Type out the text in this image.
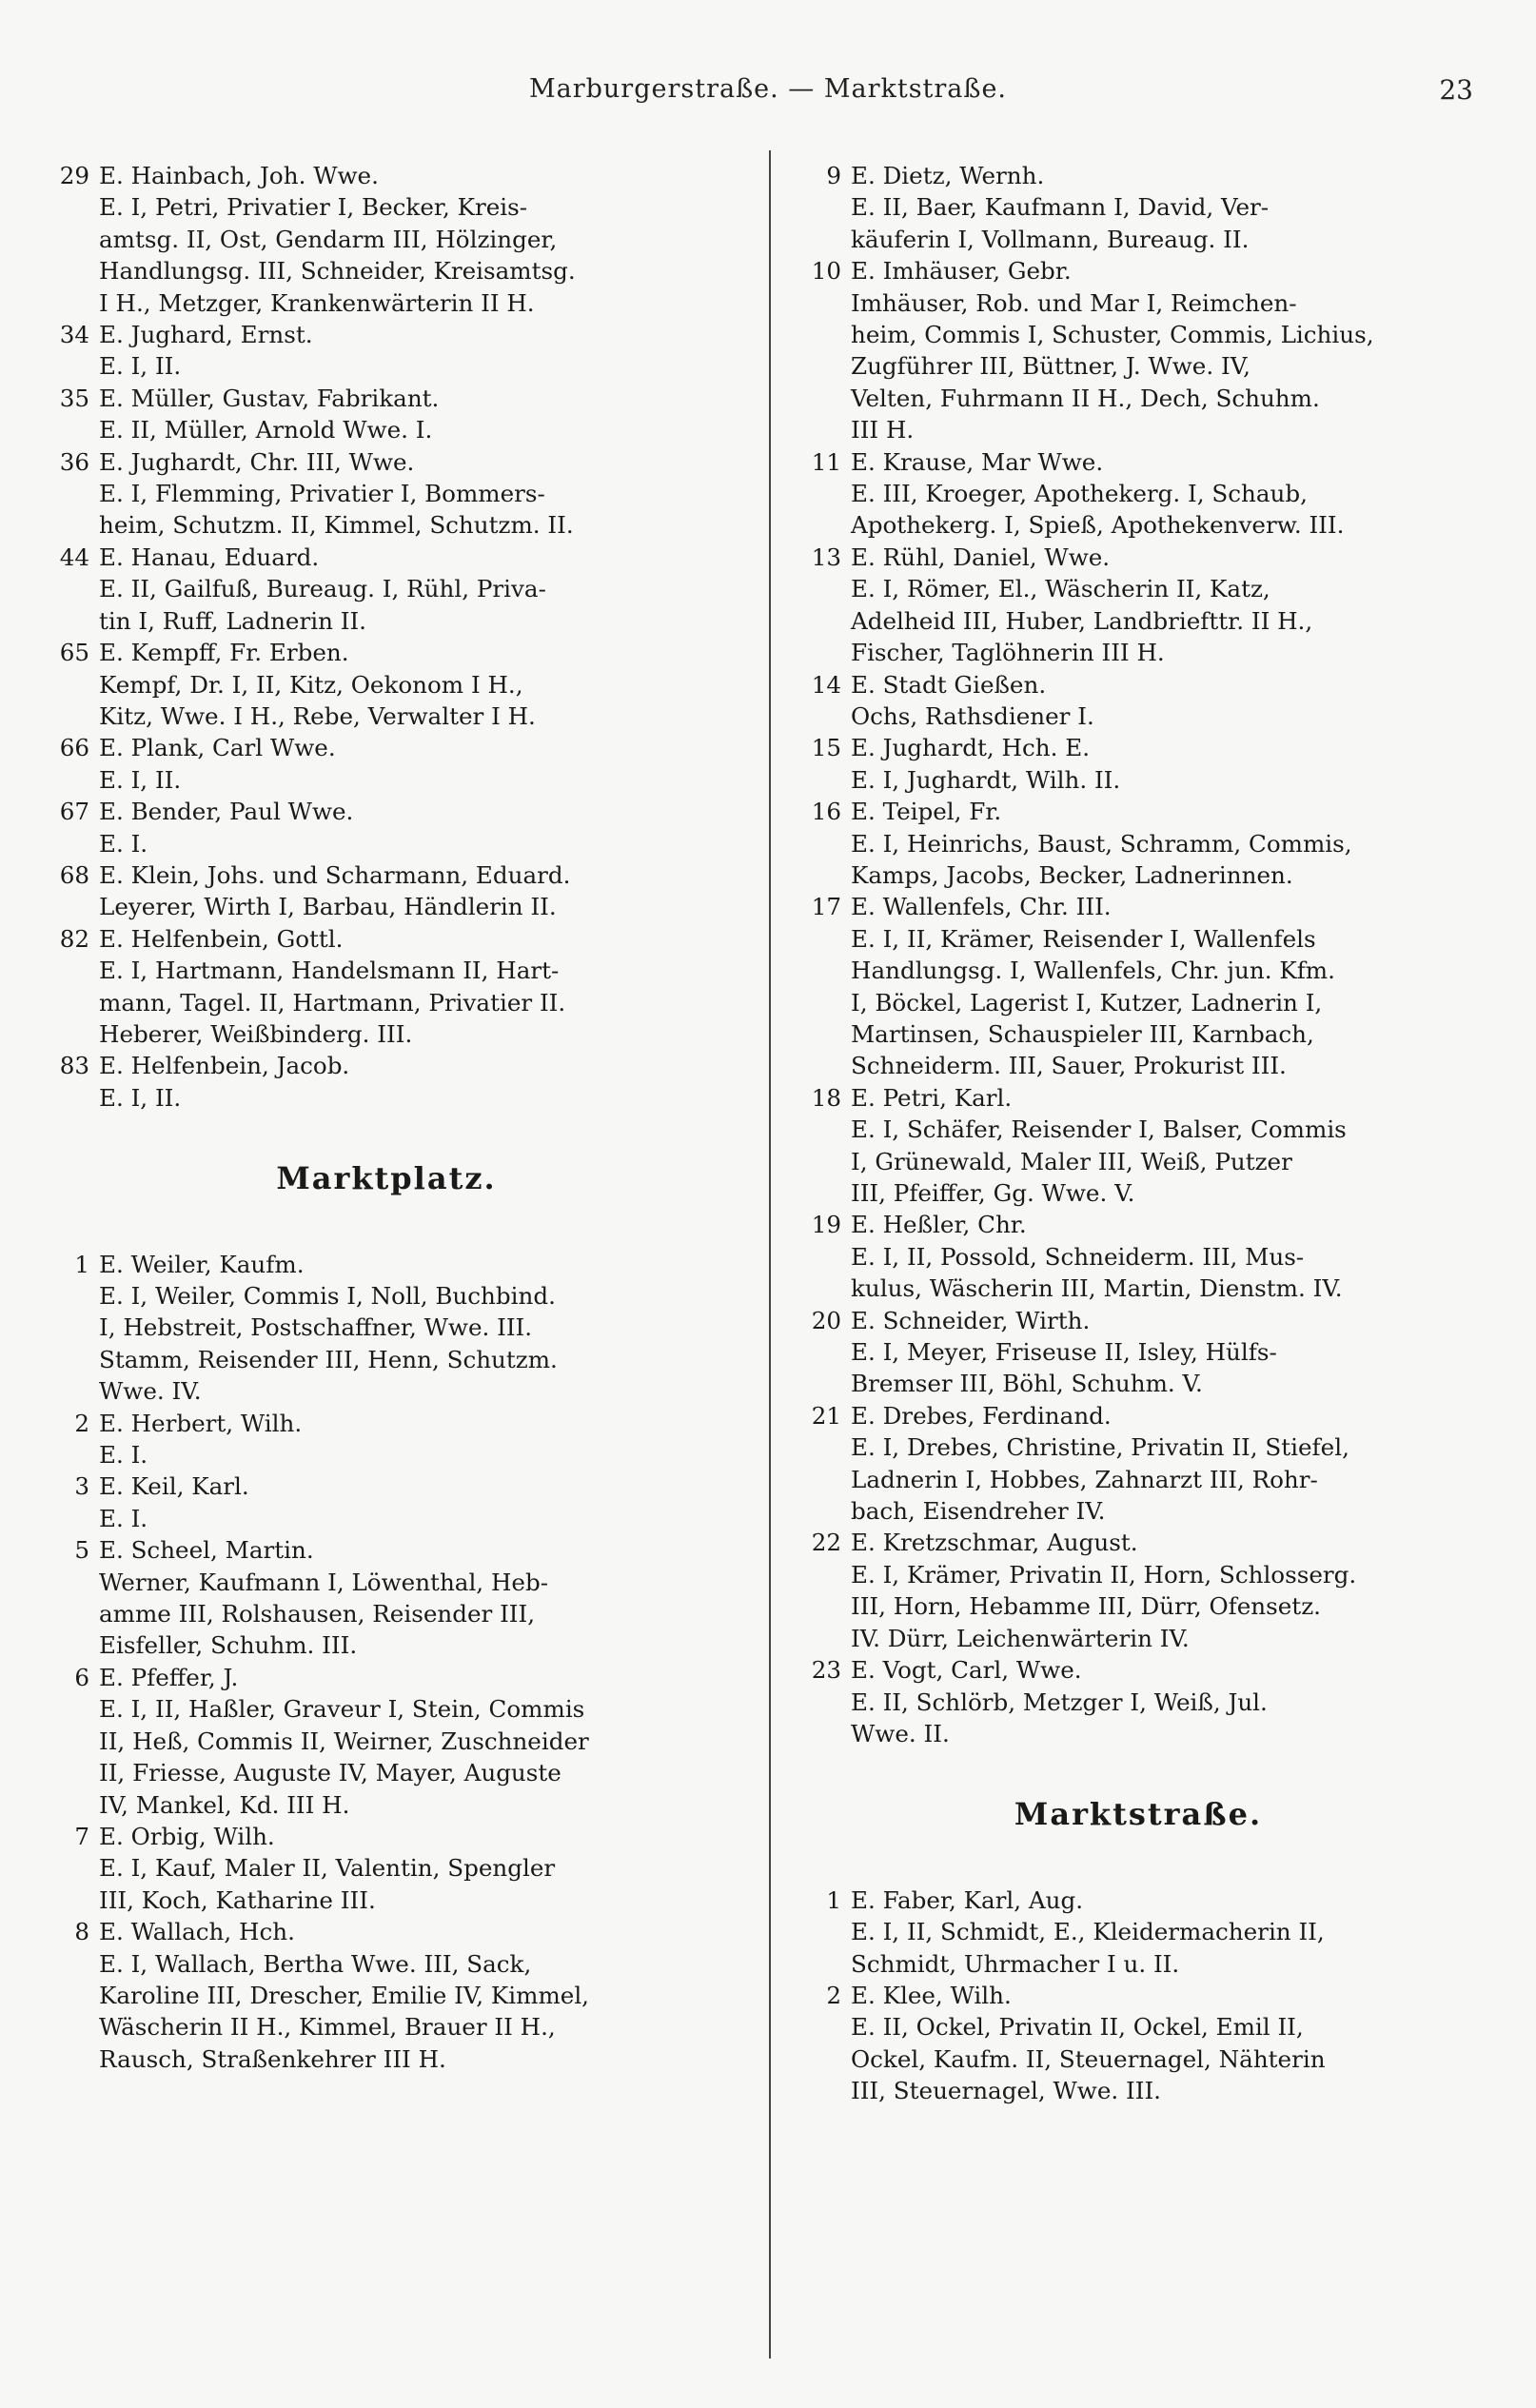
Marburgerstraße. — Marktstraße.	23
29 E. Hainbach, Joh. Wwe.
E. I, Petri, Privatier I, Becker, Kreis-
amtsg. II, Ost, Gendarm III, Hölzinger,
Handlungsg. III, Schneider, Kreisamtsg.
I H., Metzger, Krankenwärterin II H.
34 E. Jughard, Ernst.
E. I, II.
35 E. Müller, Gustav, Fabrikant.
E. II, Müller, Arnold Wwe. I.
36 E. Jughardt, Chr. III, Wwe.
E. I, Flemming, Privatier I, Bommers-
heim, Schutzm. II, Kimmel, Schutzm. II.
44 E. Hanau, Eduard.
E. II, Gailfuß, Bureaug. I, Rühl, Priva-
tin I, Ruff, Ladnerin II.
65 E. Kempff, Fr. Erben.
Kempf, Dr. I, II, Kitz, Oekonom I H.,
Kitz, Wwe. I H., Rebe, Verwalter I H.
66 E. Plank, Carl Wwe.
E. I, II.
67 E. Bender, Paul Wwe.
E. I.
68 E. Klein, Johs. und Scharmann, Eduard.
Leyerer, Wirth I, Barbau, Händlerin II.
82 E. Helfenbein, Gottl.
E. I, Hartmann, Handelsmann II, Hart-
mann, Tagel. II, Hartmann, Privatier II.
Heberer, Weißbinderg. III.
83 E. Helfenbein, Jacob.
E. I, II.
Marktplatz.
1 E. Weiler, Kaufm.
E. I, Weiler, Commis I, Noll, Buchbind.
I, Hebstreit, Postschaffner, Wwe. III.
Stamm, Reisender III, Henn, Schutzm.
Wwe. IV.
2 E. Herbert, Wilh.
E. I.
3 E. Keil, Karl.
E. I.
5 E. Scheel, Martin.
Werner, Kaufmann I, Löwenthal, Heb-
amme III, Rolshausen, Reisender III,
Eisfeller, Schuhm. III.
6 E. Pfeffer, J.
E. I, II, Haßler, Graveur I, Stein, Commis
II, Heß, Commis II, Weirner, Zuschneider
II, Friesse, Auguste IV, Mayer, Auguste
IV, Mankel, Kd. III H.
7 E. Orbig, Wilh.
E. I, Kauf, Maler II, Valentin, Spengler
III, Koch, Katharine III.
8 E. Wallach, Hch.
E. I, Wallach, Bertha Wwe. III, Sack,
Karoline III, Drescher, Emilie IV, Kimmel,
Wäscherin II H., Kimmel, Brauer II H.,
Rausch, Straßenkehrer III H.
9 E. Dietz, Wernh.
E. II, Baer, Kaufmann I, David, Ver-
käuferin I, Vollmann, Bureaug. II.
10 E. Imhäuser, Gebr.
Imhäuser, Rob. und Mar I, Reimchen-
heim, Commis I, Schuster, Commis, Lichius,
Zugführer III, Büttner, J. Wwe. IV,
Velten, Fuhrmann II H., Dech, Schuhm.
III H.
11 E. Krause, Mar Wwe.
E. III, Kroeger, Apothekerg. I, Schaub,
Apothekerg. I, Spieß, Apothekenverw. III.
13 E. Rühl, Daniel, Wwe.
E. I, Römer, El., Wäscherin II, Katz,
Adelheid III, Huber, Landbriefttr. II H.,
Fischer, Taglöhnerin III H.
14 E. Stadt Gießen.
Ochs, Rathsdiener I.
15 E. Jughardt, Hch. E.
E. I, Jughardt, Wilh. II.
16 E. Teipel, Fr.
E. I, Heinrichs, Baust, Schramm, Commis,
Kamps, Jacobs, Becker, Ladnerinnen.
17 E. Wallenfels, Chr. III.
E. I, II, Krämer, Reisender I, Wallenfels
Handlungsg. I, Wallenfels, Chr. jun. Kfm.
I, Böckel, Lagerist I, Kutzer, Ladnerin I,
Martinsen, Schauspieler III, Karnbach,
Schneiderm. III, Sauer, Prokurist III.
18 E. Petri, Karl.
E. I, Schäfer, Reisender I, Balser, Commis
I, Grünewald, Maler III, Weiß, Putzer
III, Pfeiffer, Gg. Wwe. V.
19 E. Heßler, Chr.
E. I, II, Possold, Schneiderm. III, Mus-
kulus, Wäscherin III, Martin, Dienstm. IV.
20 E. Schneider, Wirth.
E. I, Meyer, Friseuse II, Isley, Hülfs-
Bremser III, Böhl, Schuhm. V.
21 E. Drebes, Ferdinand.
E. I, Drebes, Christine, Privatin II, Stiefel,
Ladnerin I, Hobbes, Zahnarzt III, Rohr-
bach, Eisendreher IV.
22 E. Kretzschmar, August.
E. I, Krämer, Privatin II, Horn, Schlosserg.
III, Horn, Hebamme III, Dürr, Ofensetz.
IV. Dürr, Leichenwärterin IV.
23 E. Vogt, Carl, Wwe.
E. II, Schlörb, Metzger I, Weiß, Jul.
Wwe. II.
Marktstraße.
1 E. Faber, Karl, Aug.
E. I, II, Schmidt, E., Kleidermacherin II,
Schmidt, Uhrmacher I u. II.
2 E. Klee, Wilh.
E. II, Ockel, Privatin II, Ockel, Emil II,
Ockel, Kaufm. II, Steuernagel, Nähterin
III, Steuernagel, Wwe. III.
